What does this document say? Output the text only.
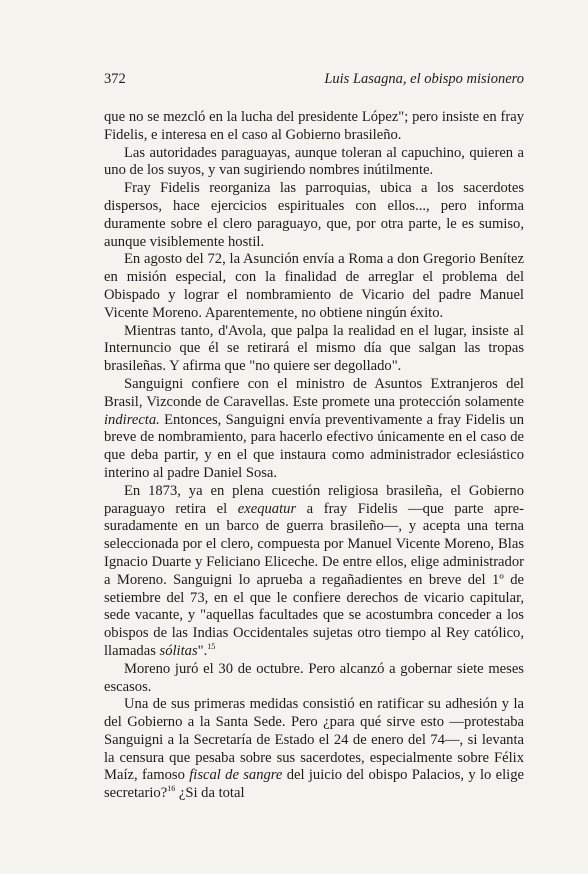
372	Luis Lasagna, el obispo misionero

que no se mezcló en la lucha del presidente López"; pero insiste en fray Fidelis, e interesa en el caso al Gobierno brasileño.

Las autoridades paraguayas, aunque toleran al capuchino, quieren a uno de los suyos, y van sugiriendo nombres inútilmente.

Fray Fidelis reorganiza las parroquias, ubica a los sacerdotes dispersos, hace ejercicios espirituales con ellos..., pero informa duramente sobre el clero paraguayo, que, por otra parte, le es sumiso, aunque visiblemente hostil.

En agosto del 72, la Asunción envía a Roma a don Gregorio Benítez en misión especial, con la finalidad de arreglar el problema del Obispado y lograr el nombramiento de Vicario del padre Manuel Vicente Moreno. Aparentemente, no obtiene ningún éxito.

Mientras tanto, d'Avola, que palpa la realidad en el lugar, insiste al Internuncio que él se retirará el mismo día que salgan las tropas brasileñas. Y afirma que "no quiere ser degollado".

Sanguigni confiere con el ministro de Asuntos Extranjeros del Brasil, Vizconde de Caravellas. Este promete una protección solamente indirecta. Entonces, Sanguigni envía preventivamente a fray Fidelis un breve de nombramiento, para hacerlo efectivo únicamente en el caso de que deba partir, y en el que instaura como administrador eclesiástico interino al padre Daniel Sosa.

En 1873, ya en plena cuestión religiosa brasileña, el Gobierno paraguayo retira el exequatur a fray Fidelis —que parte apresuradamente en un barco de guerra brasileño—, y acepta una terna seleccionada por el clero, compuesta por Manuel Vicente Moreno, Blas Ignacio Duarte y Feliciano Eliceche. De entre ellos, elige administrador a Moreno. Sanguigni lo aprueba a regañadientes en breve del 1º de setiembre del 73, en el que le confiere derechos de vicario capitular, sede vacante, y "aquellas facultades que se acostumbra conceder a los obispos de las Indias Occidentales sujetas otro tiempo al Rey católico, llamadas sólitas".$^{15}$

Moreno juró el 30 de octubre. Pero alcanzó a gobernar siete meses escasos.

Una de sus primeras medidas consistió en ratificar su adhesión y la del Gobierno a la Santa Sede. Pero ¿para qué sirve esto —protestaba Sanguigni a la Secretaría de Estado el 24 de enero del 74—, si levanta la censura que pesaba sobre sus sacerdotes, especialmente sobre Félix Maíz, famoso fiscal de sangre del juicio del obispo Palacios, y lo elige secretario?$^{16}$ ¿Si da total
